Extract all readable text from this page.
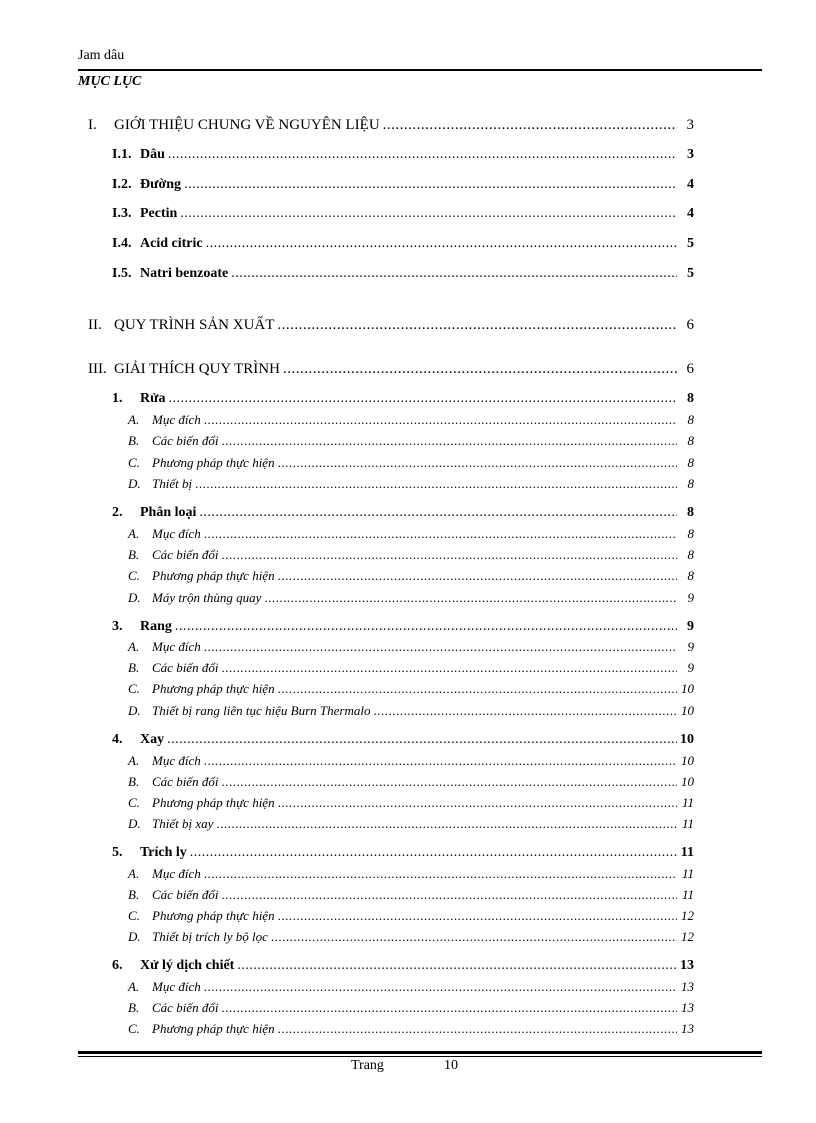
Jam dâu
MỤC LỤC
I.	GIỚI THIỆU CHUNG VỀ NGUYÊN LIỆU .....	3
I.1. Dâu .....	3
I.2. Đường .....	4
I.3. Pectin .....	4
I.4. Acid citric .....	5
I.5. Natri benzoate .....	5
II. QUY TRÌNH SẢN XUẤT .....	6
III. GIẢI THÍCH QUY TRÌNH .....	6
1.	Rửa .....	8
A. Mục đích .....	8
B. Các biến đổi .....	8
C. Phương pháp thực hiện .....	8
D. Thiết bị .....	8
2.	Phân loại .....	8
A. Mục đích .....	8
B. Các biến đổi .....	8
C. Phương pháp thực hiện .....	8
D. Máy trộn thùng quay .....	9
3.	Rang .....	9
A. Mục đích .....	9
B. Các biến đổi .....	9
C. Phương pháp thực hiện .....	10
D. Thiết bị rang liên tục hiệu Burn Thermalo .....	10
4.	Xay .....	10
A. Mục đích .....	10
B. Các biến đổi .....	10
C. Phương pháp thực hiện .....	11
D. Thiết bị xay .....	11
5.	Trích ly .....	11
A. Mục đích .....	11
B. Các biến đổi .....	11
C. Phương pháp thực hiện .....	12
D. Thiết bị trích ly bộ lọc .....	12
6.	Xử lý dịch chiết .....	13
A. Mục đích .....	13
B. Các biến đổi .....	13
C. Phương pháp thực hiện .....	13
Trang	10
